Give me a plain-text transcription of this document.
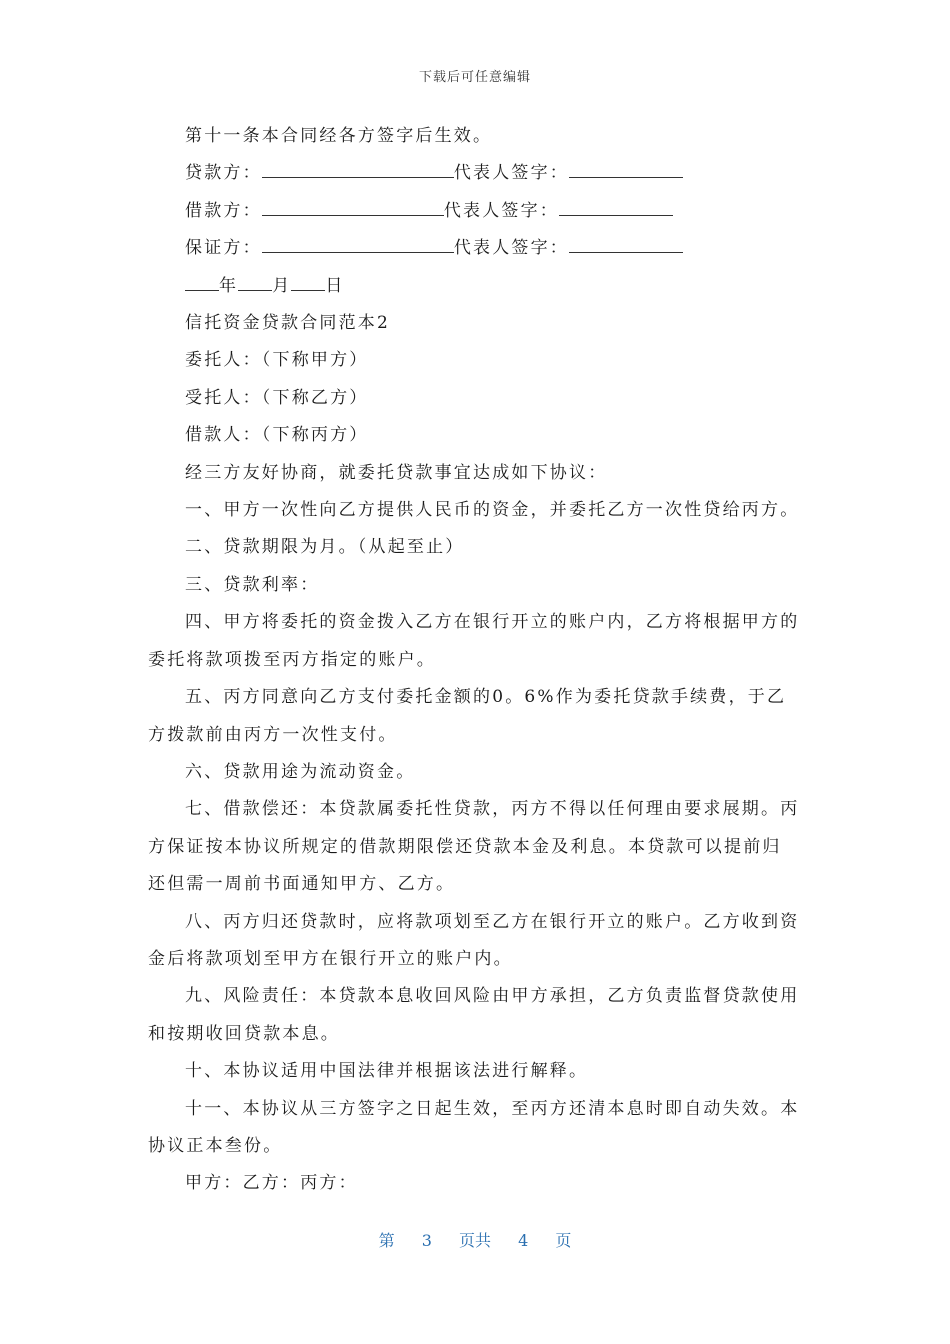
下载后可任意编辑

第十一条本合同经各方签字后生效。

贷款方：	代表人签字：

借款方：	代表人签字：

保证方：	代表人签字：

年 月 日

信托资金贷款合同范本2

委托人：（下称甲方）

受托人：（下称乙方）

借款人：（下称丙方）

经三方友好协商，就委托贷款事宜达成如下协议：

一、甲方一次性向乙方提供人民币的资金，并委托乙方一次性贷给丙方。

二、贷款期限为月。（从起至止）

三、贷款利率：

四、甲方将委托的资金拨入乙方在银行开立的账户内，乙方将根据甲方的委托将款项拨至丙方指定的账户。

五、丙方同意向乙方支付委托金额的0。6%作为委托贷款手续费，于乙方拨款前由丙方一次性支付。

六、贷款用途为流动资金。

七、借款偿还：本贷款属委托性贷款，丙方不得以任何理由要求展期。丙方保证按本协议所规定的借款期限偿还贷款本金及利息。本贷款可以提前归还但需一周前书面通知甲方、乙方。

八、丙方归还贷款时，应将款项划至乙方在银行开立的账户。乙方收到资金后将款项划至甲方在银行开立的账户内。

九、风险责任：本贷款本息收回风险由甲方承担，乙方负责监督贷款使用和按期收回贷款本息。

十、本协议适用中国法律并根据该法进行解释。

十一、本协议从三方签字之日起生效，至丙方还清本息时即自动失效。本协议正本叁份。

甲方：乙方：丙方：

第 3 页共 4 页
